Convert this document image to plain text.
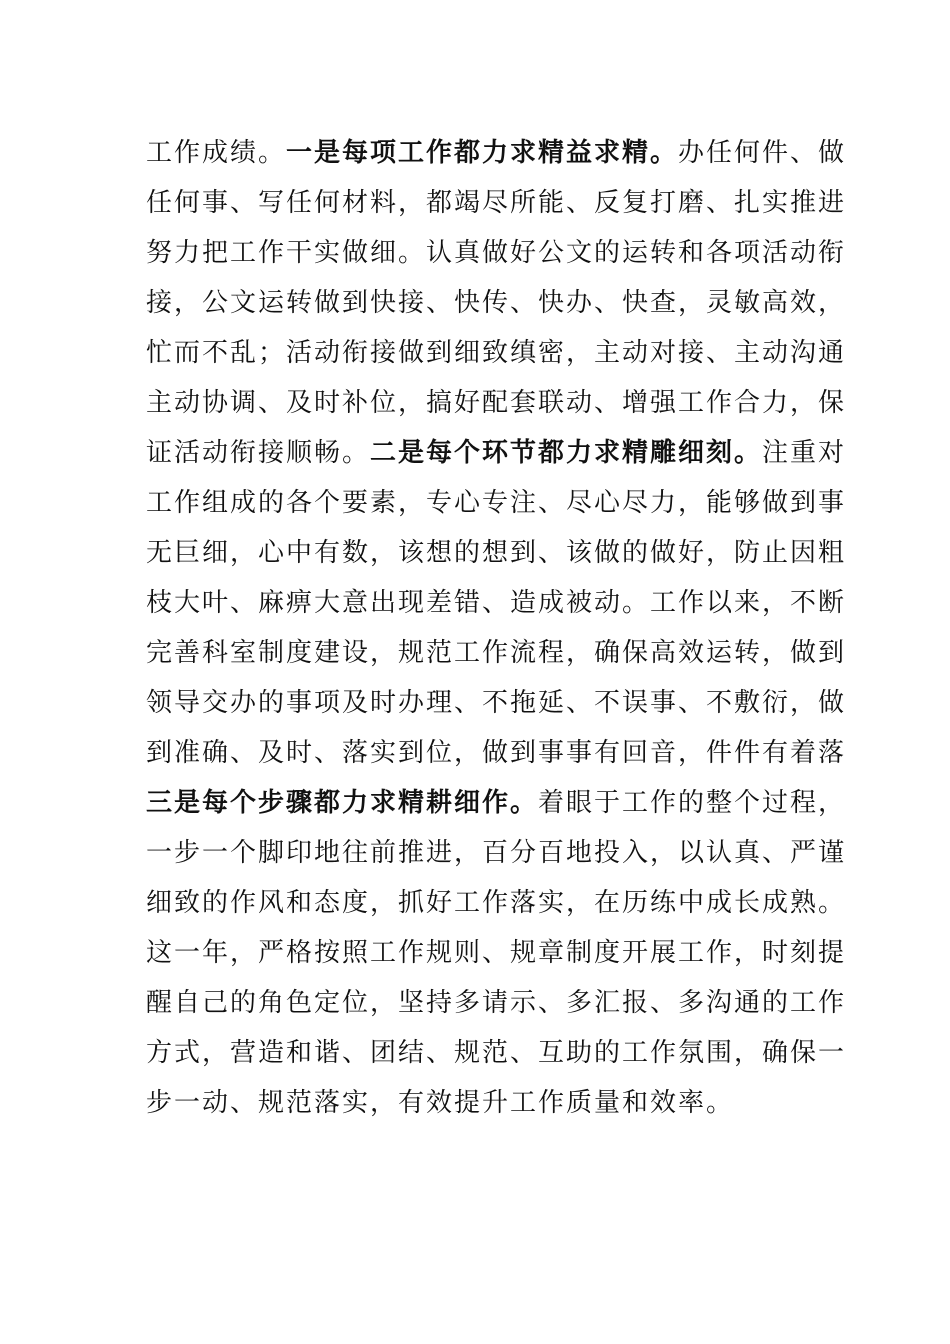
工作成绩。一是每项工作都力求精益求精。办任何件、做
任何事、写任何材料，都竭尽所能、反复打磨、扎实推进
努力把工作干实做细。认真做好公文的运转和各项活动衔
接，公文运转做到快接、快传、快办、快查，灵敏高效，
忙而不乱；活动衔接做到细致缜密，主动对接、主动沟通
主动协调、及时补位，搞好配套联动、增强工作合力，保
证活动衔接顺畅。二是每个环节都力求精雕细刻。注重对
工作组成的各个要素，专心专注、尽心尽力，能够做到事
无巨细，心中有数，该想的想到、该做的做好，防止因粗
枝大叶、麻痹大意出现差错、造成被动。工作以来，不断
完善科室制度建设，规范工作流程，确保高效运转，做到
领导交办的事项及时办理、不拖延、不误事、不敷衍，做
到准确、及时、落实到位，做到事事有回音，件件有着落
三是每个步骤都力求精耕细作。着眼于工作的整个过程，
一步一个脚印地往前推进，百分百地投入，以认真、严谨
细致的作风和态度，抓好工作落实，在历练中成长成熟。
这一年，严格按照工作规则、规章制度开展工作，时刻提
醒自己的角色定位，坚持多请示、多汇报、多沟通的工作
方式，营造和谐、团结、规范、互助的工作氛围，确保一
步一动、规范落实，有效提升工作质量和效率。
